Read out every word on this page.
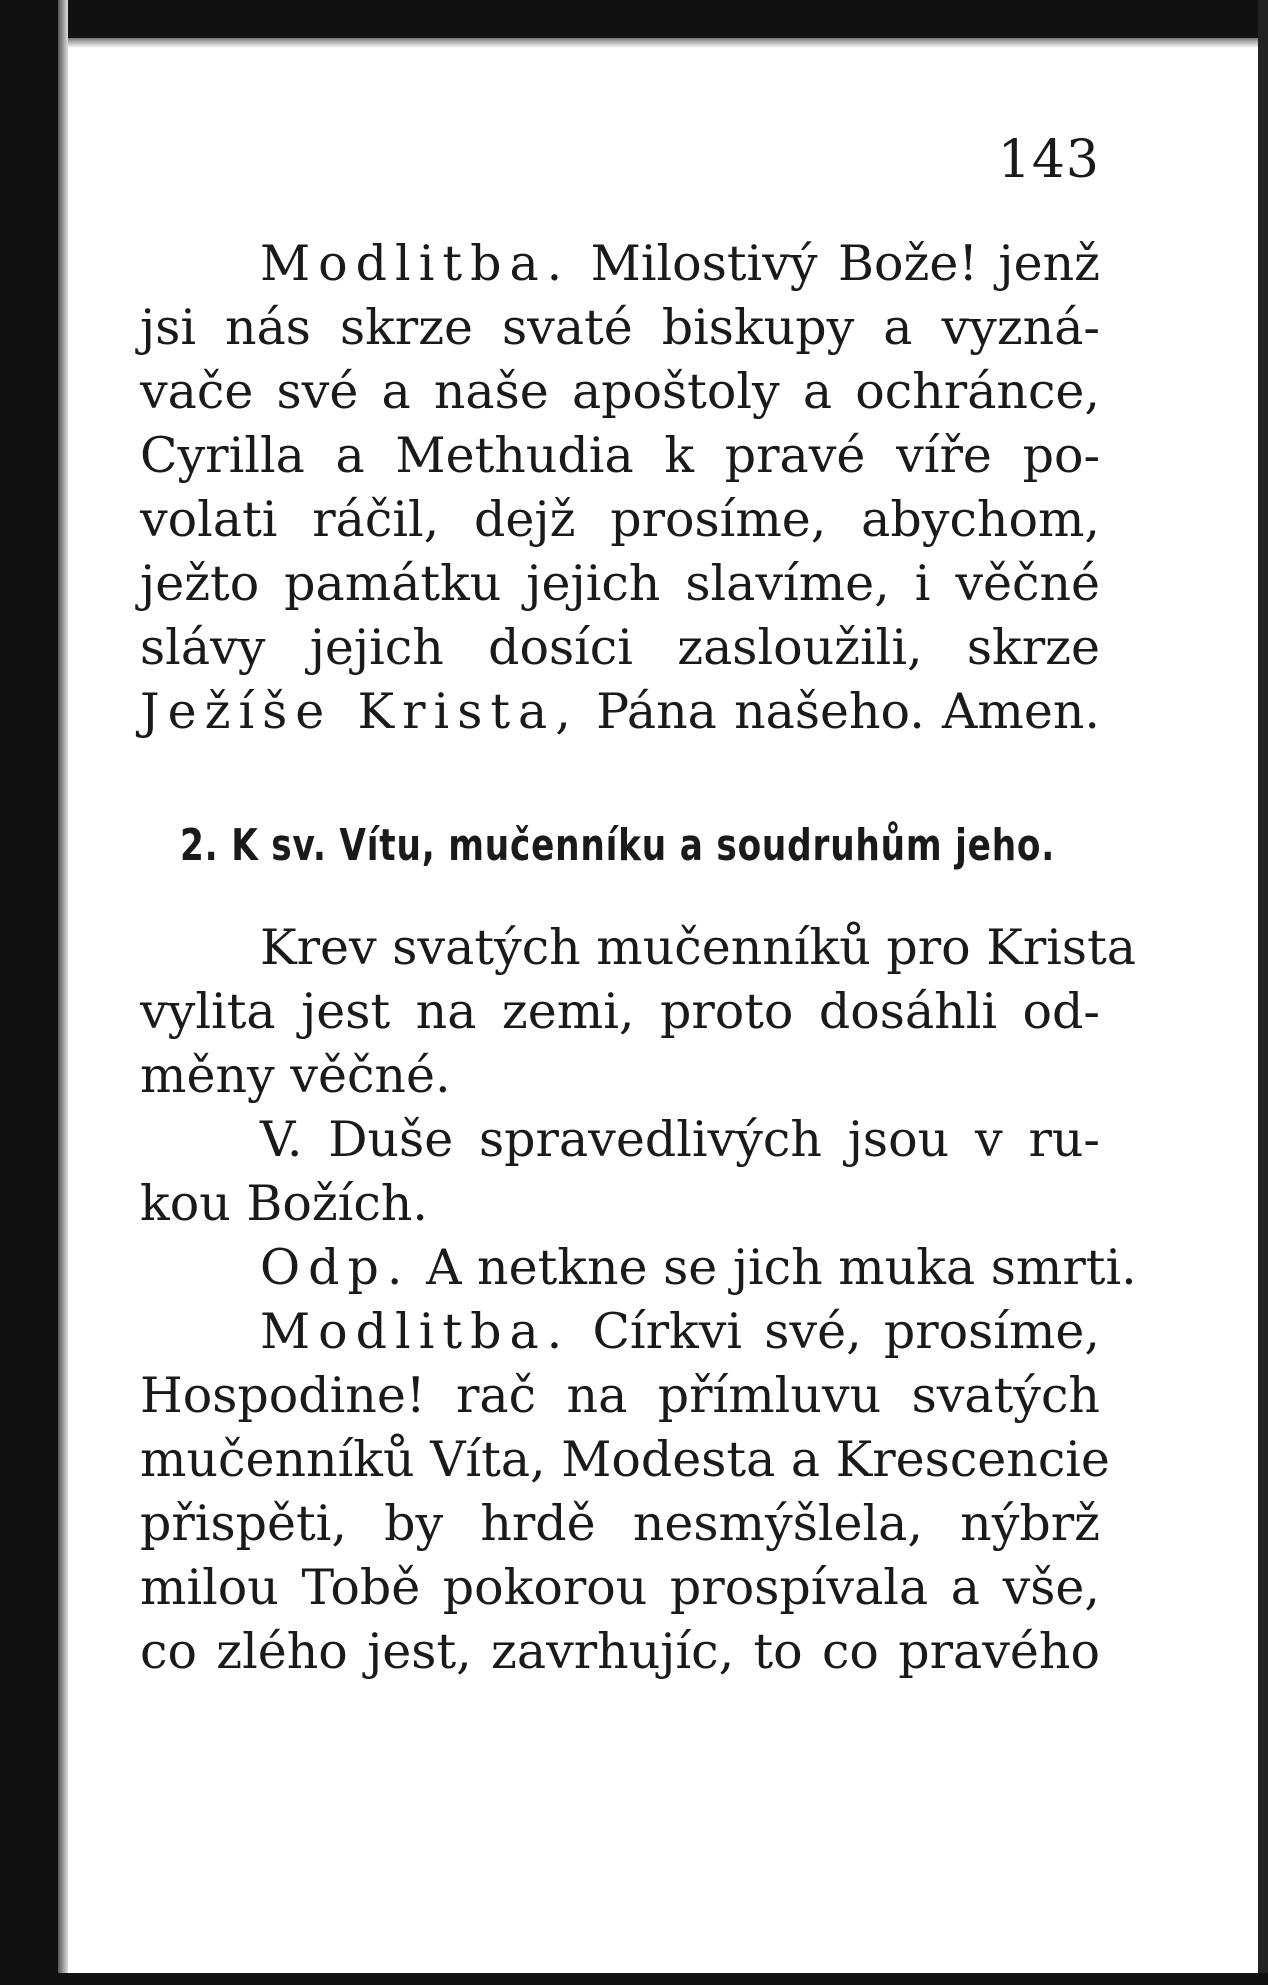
143
Modlitba. Milostivý Bože! jenž
jsi nás skrze svaté biskupy a vyzná-
vače své a naše apoštoly a ochránce,
Cyrilla a Methudia k pravé víře po-
volati ráčil, dejž prosíme, abychom,
ježto památku jejich slavíme, i věčné
slávy jejich dosíci zasloužili, skrze
Ježíše Krista, Pána našeho. Amen.
2. K sv. Vítu, mučenníku a soudruhům jeho.
Krev svatých mučenníků pro Krista
vylita jest na zemi, proto dosáhli od-
měny věčné.
V. Duše spravedlivých jsou v ru-
kou Božích.
Odp. A netkne se jich muka smrti.
Modlitba. Církvi své, prosíme,
Hospodine! rač na přímluvu svatých
mučenníků Víta, Modesta a Krescencie
přispěti, by hrdě nesmýšlela, nýbrž
milou Tobě pokorou prospívala a vše,
co zlého jest, zavrhujíc, to co pravého
